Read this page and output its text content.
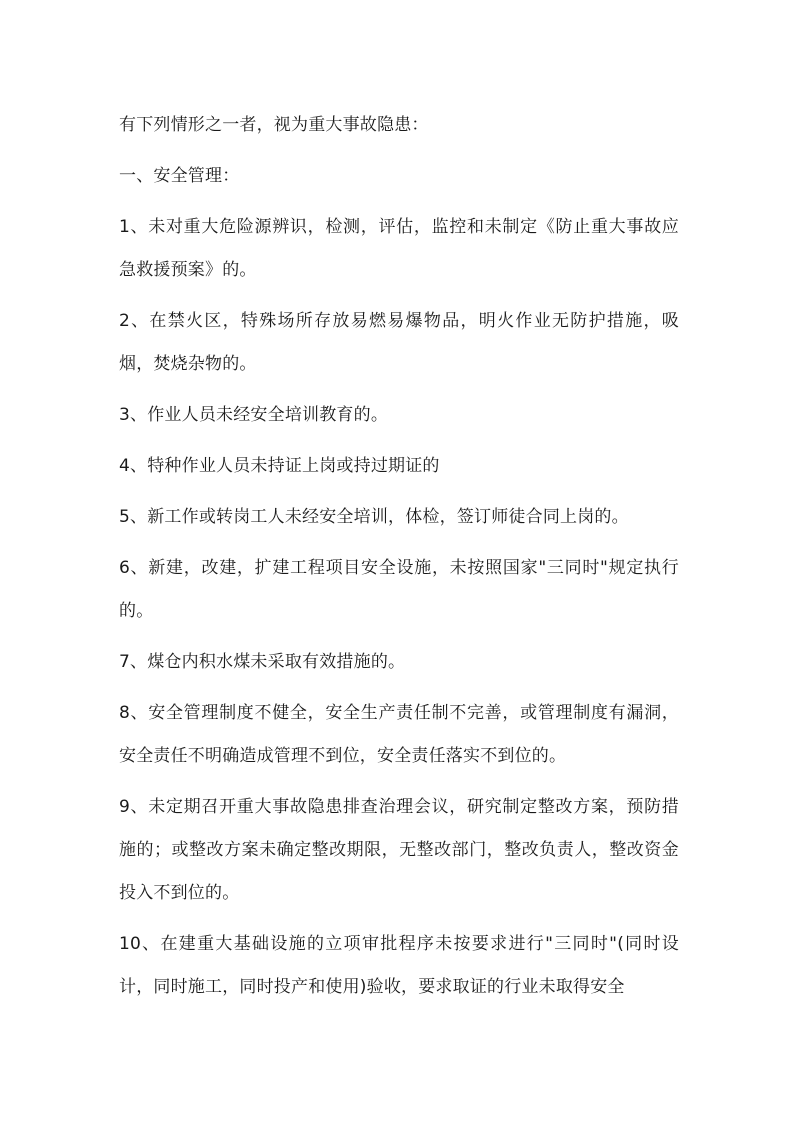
有下列情形之一者，视为重大事故隐患：

一、安全管理：

1、未对重大危险源辨识，检测，评估，监控和未制定《防止重大事故应急救援预案》的。

2、在禁火区，特殊场所存放易燃易爆物品，明火作业无防护措施，吸烟，焚烧杂物的。

3、作业人员未经安全培训教育的。

4、特种作业人员未持证上岗或持过期证的

5、新工作或转岗工人未经安全培训，体检，签订师徒合同上岗的。

6、新建，改建，扩建工程项目安全设施，未按照国家"三同时"规定执行的。

7、煤仓内积水煤未采取有效措施的。

8、安全管理制度不健全，安全生产责任制不完善，或管理制度有漏洞，安全责任不明确造成管理不到位，安全责任落实不到位的。

9、未定期召开重大事故隐患排查治理会议，研究制定整改方案，预防措施的；或整改方案未确定整改期限，无整改部门，整改负责人，整改资金投入不到位的。

10、在建重大基础设施的立项审批程序未按要求进行"三同时"(同时设计，同时施工，同时投产和使用)验收，要求取证的行业未取得安全
